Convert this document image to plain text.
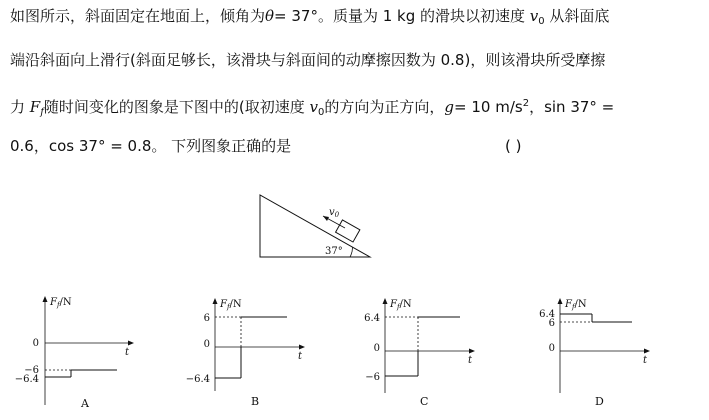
如图所示，斜面固定在地面上，倾角为θ= 37°。质量为 1 kg 的滑块以初速度 $v_0$ 从斜面底
端沿斜面向上滑行(斜面足够长，该滑块与斜面间的动摩擦因数为 0.8)，则该滑块所受摩擦
力 $F_f$随时间变化的图象是下图中的(取初速度 $v_0$的方向为正方向，g= 10 $m/s^2$，sin 37° =
0.6，cos 37° = 0.8。 下列图象正确的是	( )
$v_0$
37°
$F_f/N$
t
0
−6
−6.4
A
$F_f/N$
t
6
0
−6.4
B
$F_f/N$
t
6.4
0
−6
C
$F_f/N$
t
6.4
6
0
D
